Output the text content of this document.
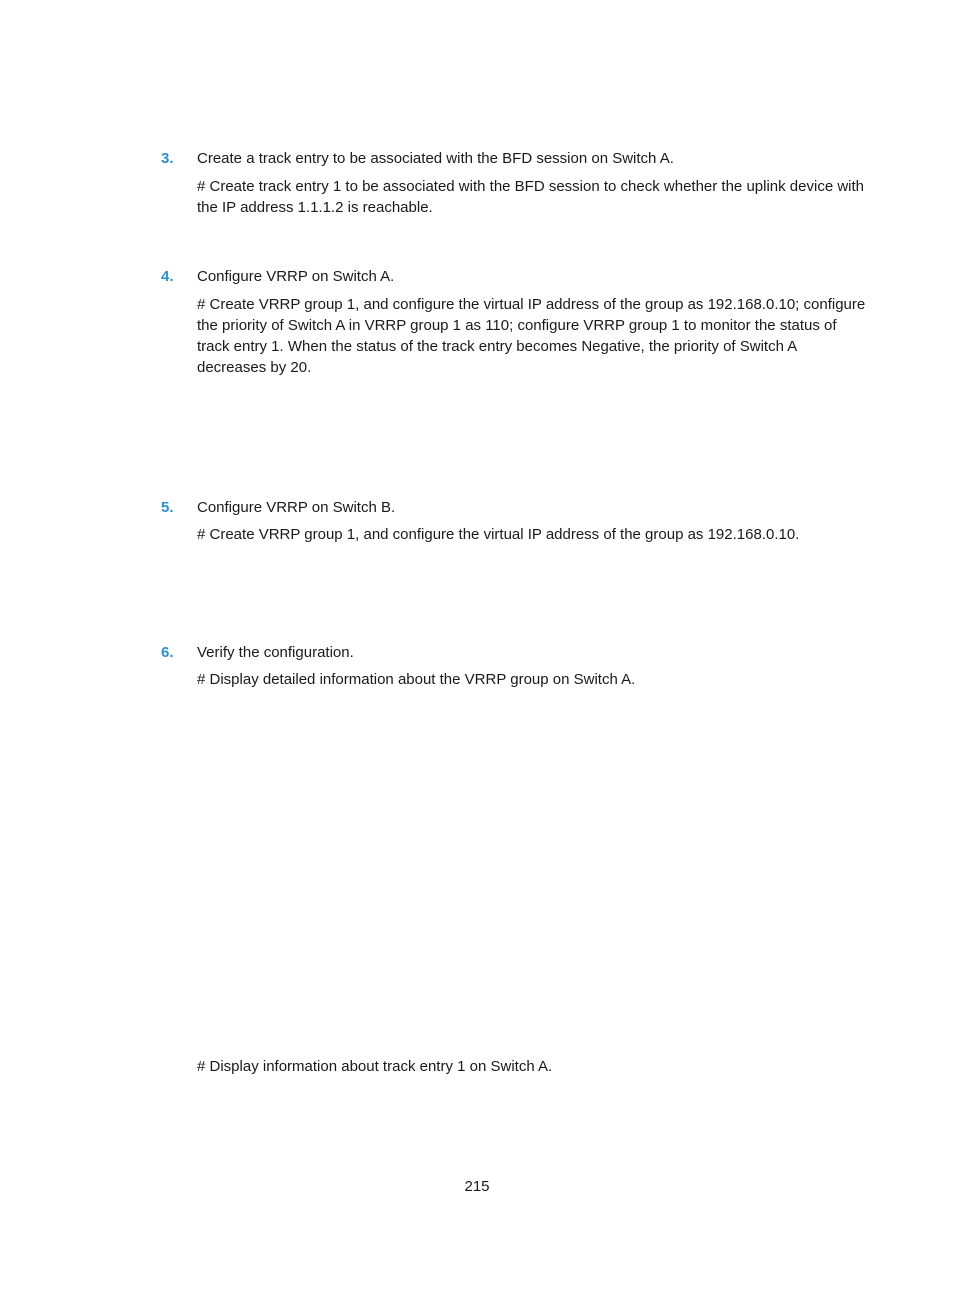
3. Create a track entry to be associated with the BFD session on Switch A.
# Create track entry 1 to be associated with the BFD session to check whether the uplink device with the IP address 1.1.1.2 is reachable.
4. Configure VRRP on Switch A.
# Create VRRP group 1, and configure the virtual IP address of the group as 192.168.0.10; configure the priority of Switch A in VRRP group 1 as 110; configure VRRP group 1 to monitor the status of track entry 1. When the status of the track entry becomes Negative, the priority of Switch A decreases by 20.
5. Configure VRRP on Switch B.
# Create VRRP group 1, and configure the virtual IP address of the group as 192.168.0.10.
6. Verify the configuration.
# Display detailed information about the VRRP group on Switch A.
# Display information about track entry 1 on Switch A.
215
